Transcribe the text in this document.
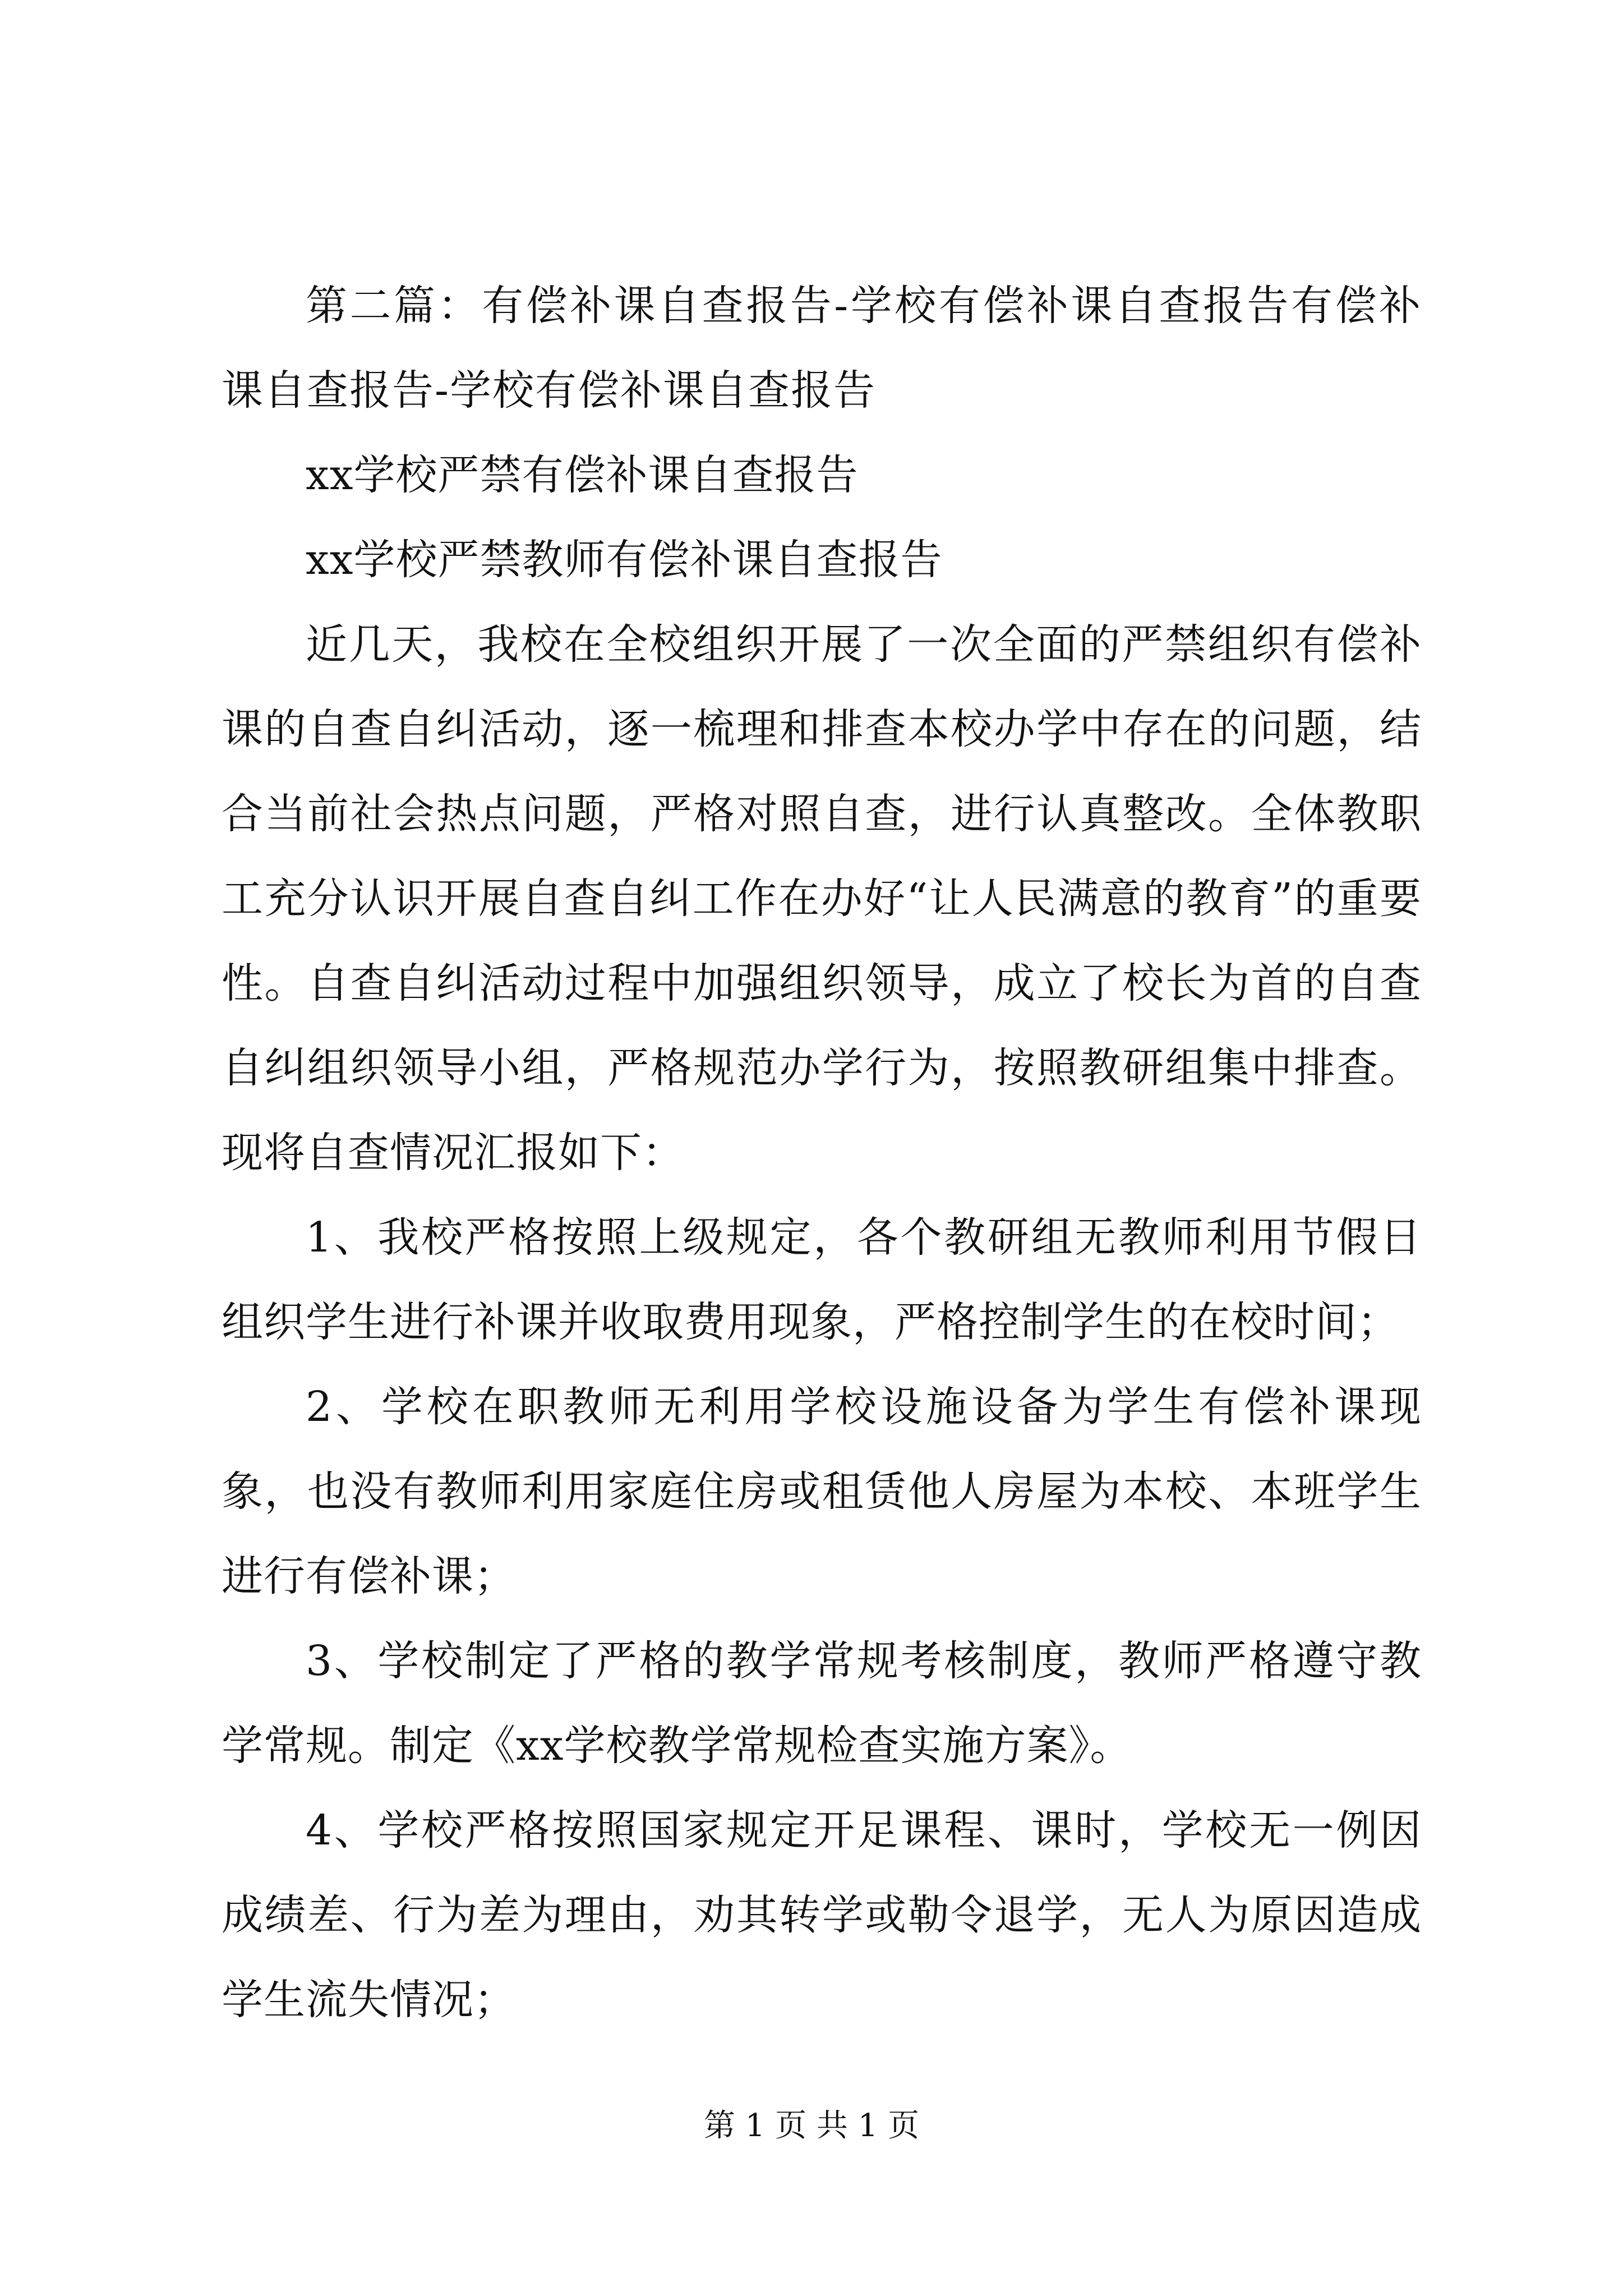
第二篇：有偿补课自查报告-学校有偿补课自查报告有偿补课自查报告-学校有偿补课自查报告

xx学校严禁有偿补课自查报告

xx学校严禁教师有偿补课自查报告

近几天，我校在全校组织开展了一次全面的严禁组织有偿补课的自查自纠活动，逐一梳理和排查本校办学中存在的问题，结合当前社会热点问题，严格对照自查，进行认真整改。全体教职工充分认识开展自查自纠工作在办好“让人民满意的教育”的重要性。自查自纠活动过程中加强组织领导，成立了校长为首的自查自纠组织领导小组，严格规范办学行为，按照教研组集中排查。现将自查情况汇报如下：

1、我校严格按照上级规定，各个教研组无教师利用节假日组织学生进行补课并收取费用现象，严格控制学生的在校时间；

2、学校在职教师无利用学校设施设备为学生有偿补课现象，也没有教师利用家庭住房或租赁他人房屋为本校、本班学生进行有偿补课；

3、学校制定了严格的教学常规考核制度，教师严格遵守教学常规。制定《xx学校教学常规检查实施方案》。

4、学校严格按照国家规定开足课程、课时，学校无一例因成绩差、行为差为理由，劝其转学或勒令退学，无人为原因造成学生流失情况；

第 1 页 共 1 页
